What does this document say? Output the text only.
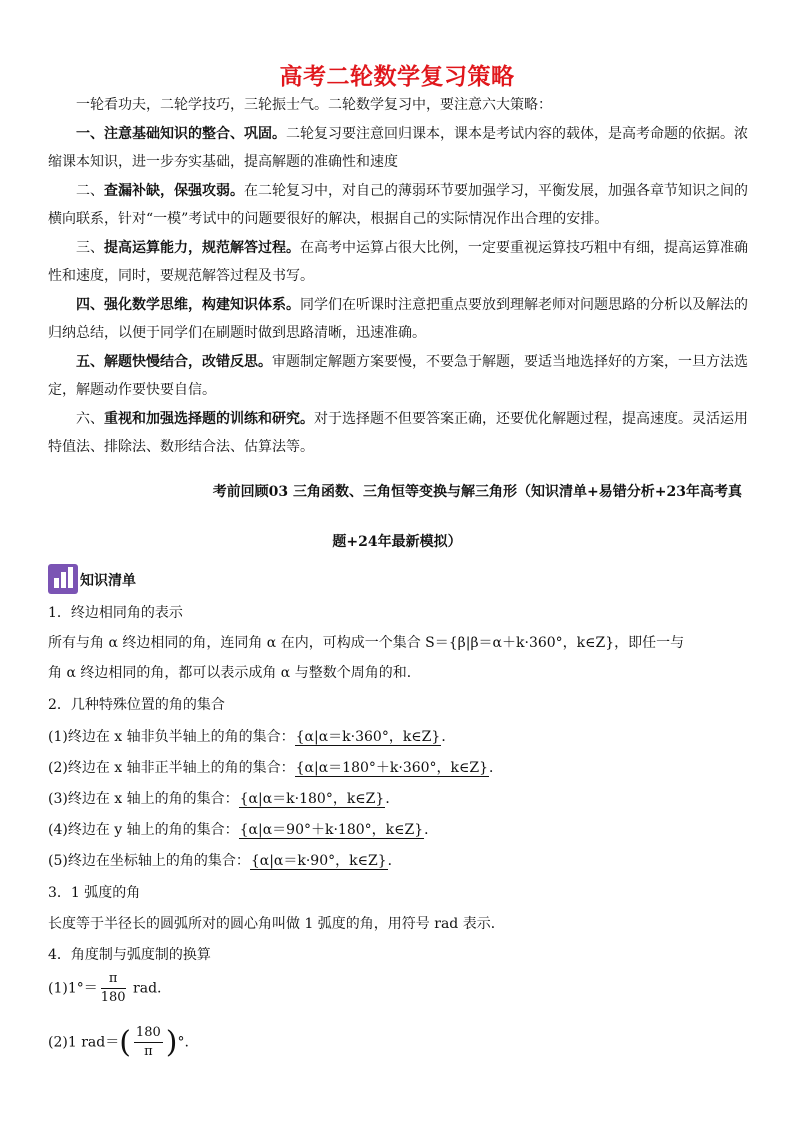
高考二轮数学复习策略

一轮看功夫，二轮学技巧，三轮振士气。二轮数学复习中，要注意六大策略：

一、注意基础知识的整合、巩固。二轮复习要注意回归课本，课本是考试内容的载体，是高考命题的依据。浓缩课本知识，进一步夯实基础，提高解题的准确性和速度

二、查漏补缺，保强攻弱。在二轮复习中，对自己的薄弱环节要加强学习，平衡发展，加强各章节知识之间的横向联系，针对“一模”考试中的问题要很好的解决，根据自己的实际情况作出合理的安排。

三、提高运算能力，规范解答过程。在高考中运算占很大比例，一定要重视运算技巧粗中有细，提高运算准确性和速度，同时，要规范解答过程及书写。

四、强化数学思维，构建知识体系。同学们在听课时注意把重点要放到理解老师对问题思路的分析以及解法的归纳总结，以便于同学们在刷题时做到思路清晰，迅速准确。

五、解题快慢结合，改错反思。审题制定解题方案要慢，不要急于解题，要适当地选择好的方案，一旦方法选定，解题动作要快要自信。

六、重视和加强选择题的训练和研究。对于选择题不但要答案正确，还要优化解题过程，提高速度。灵活运用特值法、排除法、数形结合法、估算法等。

考前回顾03 三角函数、三角恒等变换与解三角形（知识清单+易错分析+23年高考真
题+24年最新模拟）
知识清单
1．终边相同角的表示
所有与角 α 终边相同的角，连同角 α 在内，可构成一个集合 S＝{β|β＝α＋k·360°，k∈Z}，即任一与
角 α 终边相同的角，都可以表示成角 α 与整数个周角的和．
2．几种特殊位置的角的集合
(1)终边在 x 轴非负半轴上的角的集合：{α|α＝k·360°，k∈Z}．
(2)终边在 x 轴非正半轴上的角的集合：{α|α＝180°＋k·360°，k∈Z}．
(3)终边在 x 轴上的角的集合：{α|α＝k·180°，k∈Z}．
(4)终边在 y 轴上的角的集合：{α|α＝90°＋k·180°，k∈Z}．
(5)终边在坐标轴上的角的集合：{α|α＝k·90°，k∈Z}．
3．1 弧度的角
长度等于半径长的圆弧所对的圆心角叫做 1 弧度的角，用符号 rad 表示．
4．角度制与弧度制的换算
$(1)1^\circ= \frac{\pi}{180}$ rad.
(2)1 $rad=( \frac{180}{\pi}$ )°.
